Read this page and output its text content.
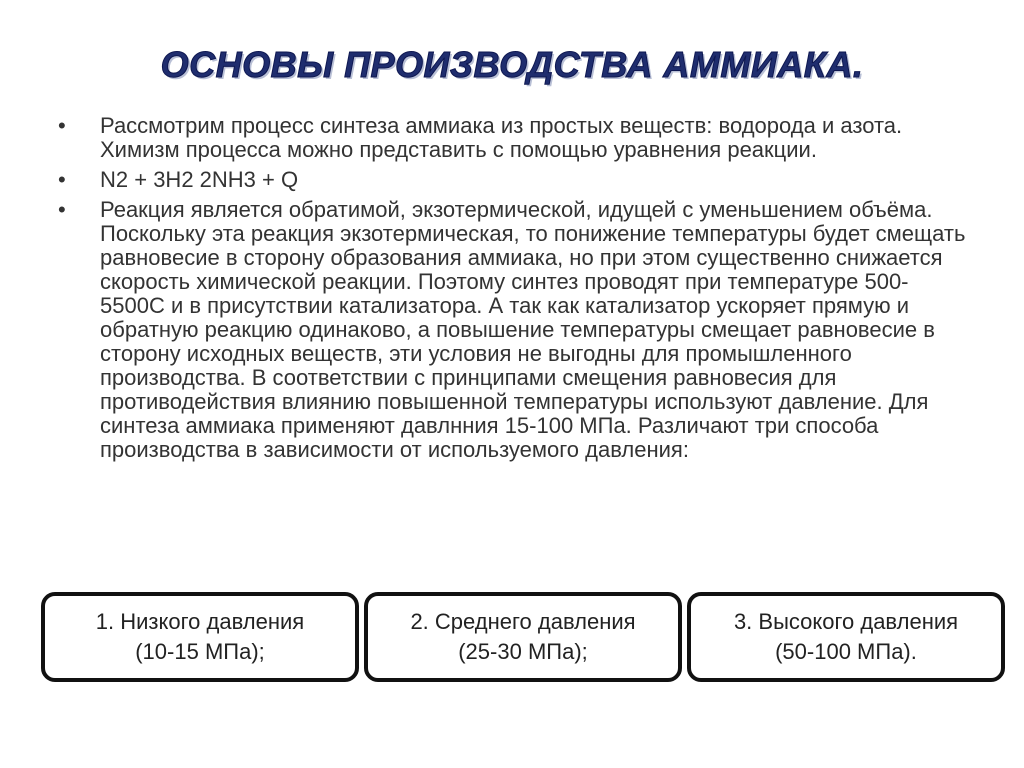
ОСНОВЫ ПРОИЗВОДСТВА АММИАКА.
•	Рассмотрим процесс синтеза аммиака из простых веществ: водорода и азота. Химизм процесса можно представить с помощью уравнения реакции.
•	N2 + 3H2 2NH3 + Q
•	Реакция является обратимой, экзотермической, идущей с уменьшением объёма. Поскольку эта реакция экзотермическая, то понижение температуры будет смещать равновесие в сторону образования аммиака, но при этом существенно снижается скорость химической реакции. Поэтому синтез проводят при температуре 500-5500С и в присутствии катализатора. А так как катализатор ускоряет прямую и обратную реакцию одинаково, а повышение температуры смещает равновесие в сторону исходных веществ, эти условия не выгодны для промышленного производства. В соответствии с принципами смещения равновесия для противодействия влиянию повышенной температуры используют давление. Для синтеза аммиака применяют давлнния 15-100 МПа. Различают три способа производства в зависимости от используемого давления:
1. Низкого давления
(10-15 МПа);
2. Среднего давления
(25-30 МПа);
3. Высокого давления
(50-100 МПа).
